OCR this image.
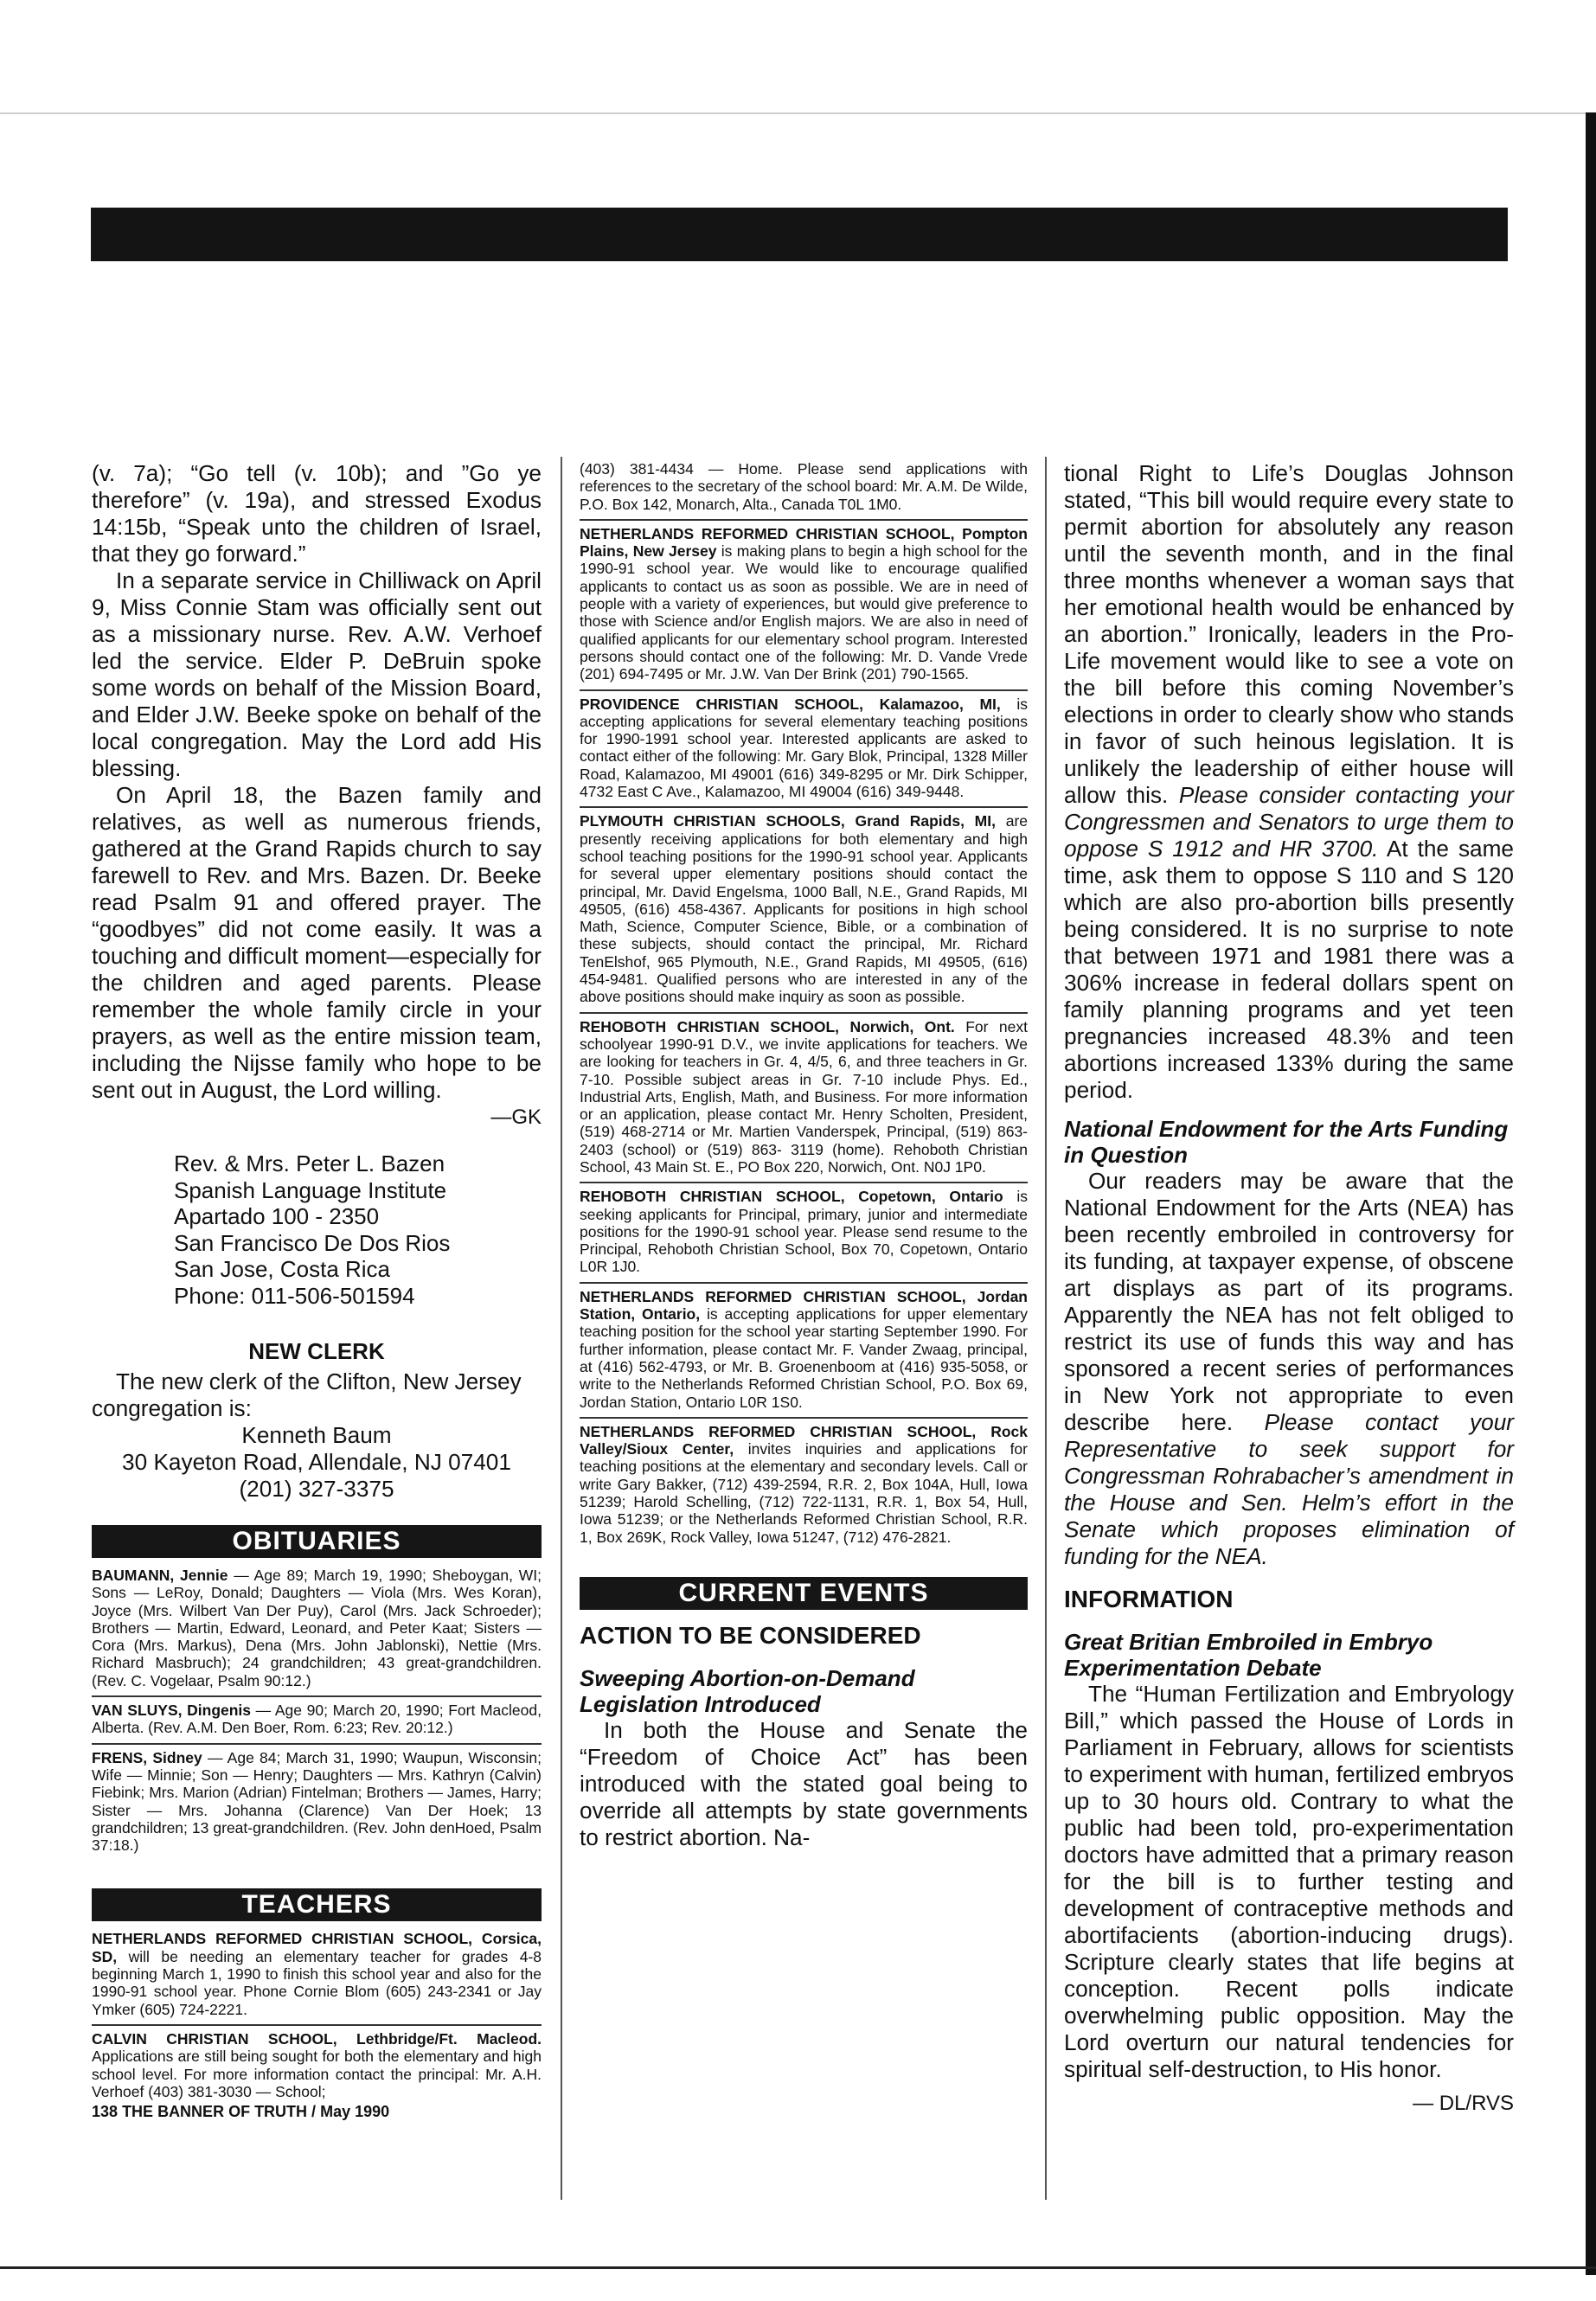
(v. 7a); “Go tell (v. 10b); and ”Go ye therefore” (v. 19a), and stressed Exodus 14:15b, “Speak unto the children of Israel, that they go forward.”

In a separate service in Chilliwack on April 9, Miss Connie Stam was officially sent out as a missionary nurse. Rev. A.W. Verhoef led the service. Elder P. DeBruin spoke some words on behalf of the Mission Board, and Elder J.W. Beeke spoke on behalf of the local congregation. May the Lord add His blessing.

On April 18, the Bazen family and relatives, as well as numerous friends, gathered at the Grand Rapids church to say farewell to Rev. and Mrs. Bazen. Dr. Beeke read Psalm 91 and offered prayer. The “goodbyes” did not come easily. It was a touching and difficult moment—especially for the children and aged parents. Please remember the whole family circle in your prayers, as well as the entire mission team, including the Nijsse family who hope to be sent out in August, the Lord willing.

—GK

Rev. & Mrs. Peter L. Bazen
Spanish Language Institute
Apartado 100 - 2350
San Francisco De Dos Rios
San Jose, Costa Rica
Phone: 011-506-501594
NEW CLERK

The new clerk of the Clifton, New Jersey congregation is:

Kenneth Baum
30 Kayeton Road, Allendale, NJ 07401
(201) 327-3375
OBITUARIES

BAUMANN, Jennie — Age 89; March 19, 1990; Sheboygan, WI; Sons — LeRoy, Donald; Daughters — Viola (Mrs. Wes Koran), Joyce (Mrs. Wilbert Van Der Puy), Carol (Mrs. Jack Schroeder); Brothers — Martin, Edward, Leonard, and Peter Kaat; Sisters — Cora (Mrs. Markus), Dena (Mrs. John Jablonski), Nettie (Mrs. Richard Masbruch); 24 grandchildren; 43 great-grandchildren. (Rev. C. Vogelaar, Psalm 90:12.)

VAN SLUYS, Dingenis — Age 90; March 20, 1990; Fort Macleod, Alberta. (Rev. A.M. Den Boer, Rom. 6:23; Rev. 20:12.)

FRENS, Sidney — Age 84; March 31, 1990; Waupun, Wisconsin; Wife — Minnie; Son — Henry; Daughters — Mrs. Kathryn (Calvin) Fiebink; Mrs. Marion (Adrian) Fintelman; Brothers — James, Harry; Sister — Mrs. Johanna (Clarence) Van Der Hoek; 13 grandchildren; 13 great-grandchildren. (Rev. John denHoed, Psalm 37:18.)

TEACHERS

NETHERLANDS REFORMED CHRISTIAN SCHOOL, Corsica, SD, will be needing an elementary teacher for grades 4-8 beginning March 1, 1990 to finish this school year and also for the 1990-91 school year. Phone Cornie Blom (605) 243-2341 or Jay Ymker (605) 724-2221.

CALVIN CHRISTIAN SCHOOL, Lethbridge/Ft. Macleod. Applications are still being sought for both the elementary and high school level. For more information contact the principal: Mr. A.H. Verhoef (403) 381-3030 — School;

138 THE BANNER OF TRUTH / May 1990

(403) 381-4434 — Home. Please send applications with references to the secretary of the school board: Mr. A.M. De Wilde, P.O. Box 142, Monarch, Alta., Canada T0L 1M0.

NETHERLANDS REFORMED CHRISTIAN SCHOOL, Pompton Plains, New Jersey is making plans to begin a high school for the 1990-91 school year. We would like to encourage qualified applicants to contact us as soon as possible. We are in need of people with a variety of experiences, but would give preference to those with Science and/or English majors. We are also in need of qualified applicants for our elementary school program. Interested persons should contact one of the following: Mr. D. Vande Vrede (201) 694-7495 or Mr. J.W. Van Der Brink (201) 790-1565.

PROVIDENCE CHRISTIAN SCHOOL, Kalamazoo, MI, is accepting applications for several elementary teaching positions for 1990-1991 school year. Interested applicants are asked to contact either of the following: Mr. Gary Blok, Principal, 1328 Miller Road, Kalamazoo, MI 49001 (616) 349-8295 or Mr. Dirk Schipper, 4732 East C Ave., Kalamazoo, MI 49004 (616) 349-9448.

PLYMOUTH CHRISTIAN SCHOOLS, Grand Rapids, MI, are presently receiving applications for both elementary and high school teaching positions for the 1990-91 school year. Applicants for several upper elementary positions should contact the principal, Mr. David Engelsma, 1000 Ball, N.E., Grand Rapids, MI 49505, (616) 458-4367. Applicants for positions in high school Math, Science, Computer Science, Bible, or a combination of these subjects, should contact the principal, Mr. Richard TenElshof, 965 Plymouth, N.E., Grand Rapids, MI 49505, (616) 454-9481. Qualified persons who are interested in any of the above positions should make inquiry as soon as possible.

REHOBOTH CHRISTIAN SCHOOL, Norwich, Ont. For next schoolyear 1990-91 D.V., we invite applications for teachers. We are looking for teachers in Gr. 4, 4/5, 6, and three teachers in Gr. 7-10. Possible subject areas in Gr. 7-10 include Phys. Ed., Industrial Arts, English, Math, and Business. For more information or an application, please contact Mr. Henry Scholten, President, (519) 468-2714 or Mr. Martien Vanderspek, Principal, (519) 863-2403 (school) or (519) 863- 3119 (home). Rehoboth Christian School, 43 Main St. E., PO Box 220, Norwich, Ont. N0J 1P0.

REHOBOTH CHRISTIAN SCHOOL, Copetown, Ontario is seeking applicants for Principal, primary, junior and intermediate positions for the 1990-91 school year. Please send resume to the Principal, Rehoboth Christian School, Box 70, Copetown, Ontario L0R 1J0.

NETHERLANDS REFORMED CHRISTIAN SCHOOL, Jordan Station, Ontario, is accepting applications for upper elementary teaching position for the school year starting September 1990. For further information, please contact Mr. F. Vander Zwaag, principal, at (416) 562-4793, or Mr. B. Groenenboom at (416) 935-5058, or write to the Netherlands Reformed Christian School, P.O. Box 69, Jordan Station, Ontario L0R 1S0.

NETHERLANDS REFORMED CHRISTIAN SCHOOL, Rock Valley/Sioux Center, invites inquiries and applications for teaching positions at the elementary and secondary levels. Call or write Gary Bakker, (712) 439-2594, R.R. 2, Box 104A, Hull, Iowa 51239; Harold Schelling, (712) 722-1131, R.R. 1, Box 54, Hull, Iowa 51239; or the Netherlands Reformed Christian School, R.R. 1, Box 269K, Rock Valley, Iowa 51247, (712) 476-2821.

CURRENT EVENTS

ACTION TO BE CONSIDERED

Sweeping Abortion-on-Demand Legislation Introduced

In both the House and Senate the “Freedom of Choice Act” has been introduced with the stated goal being to override all attempts by state governments to restrict abortion. Na-

tional Right to Life’s Douglas Johnson stated, “This bill would require every state to permit abortion for absolutely any reason until the seventh month, and in the final three months whenever a woman says that her emotional health would be enhanced by an abortion.” Ironically, leaders in the Pro-Life movement would like to see a vote on the bill before this coming November’s elections in order to clearly show who stands in favor of such heinous legislation. It is unlikely the leadership of either house will allow this. Please consider contacting your Congressmen and Senators to urge them to oppose S 1912 and HR 3700. At the same time, ask them to oppose S 110 and S 120 which are also pro-abortion bills presently being considered. It is no surprise to note that between 1971 and 1981 there was a 306% increase in federal dollars spent on family planning programs and yet teen pregnancies increased 48.3% and teen abortions increased 133% during the same period.

National Endowment for the Arts Funding in Question

Our readers may be aware that the National Endowment for the Arts (NEA) has been recently embroiled in controversy for its funding, at taxpayer expense, of obscene art displays as part of its programs. Apparently the NEA has not felt obliged to restrict its use of funds this way and has sponsored a recent series of performances in New York not appropriate to even describe here. Please contact your Representative to seek support for Congressman Rohrabacher’s amendment in the House and Sen. Helm’s effort in the Senate which proposes elimination of funding for the NEA.

INFORMATION

Great Britian Embroiled in Embryo Experimentation Debate

The “Human Fertilization and Embryology Bill,” which passed the House of Lords in Parliament in February, allows for scientists to experiment with human, fertilized embryos up to 30 hours old. Contrary to what the public had been told, pro-experimentation doctors have admitted that a primary reason for the bill is to further testing and development of contraceptive methods and abortifacients (abortion-inducing drugs). Scripture clearly states that life begins at conception. Recent polls indicate overwhelming public opposition. May the Lord overturn our natural tendencies for spiritual self-destruction, to His honor.

— DL/RVS
